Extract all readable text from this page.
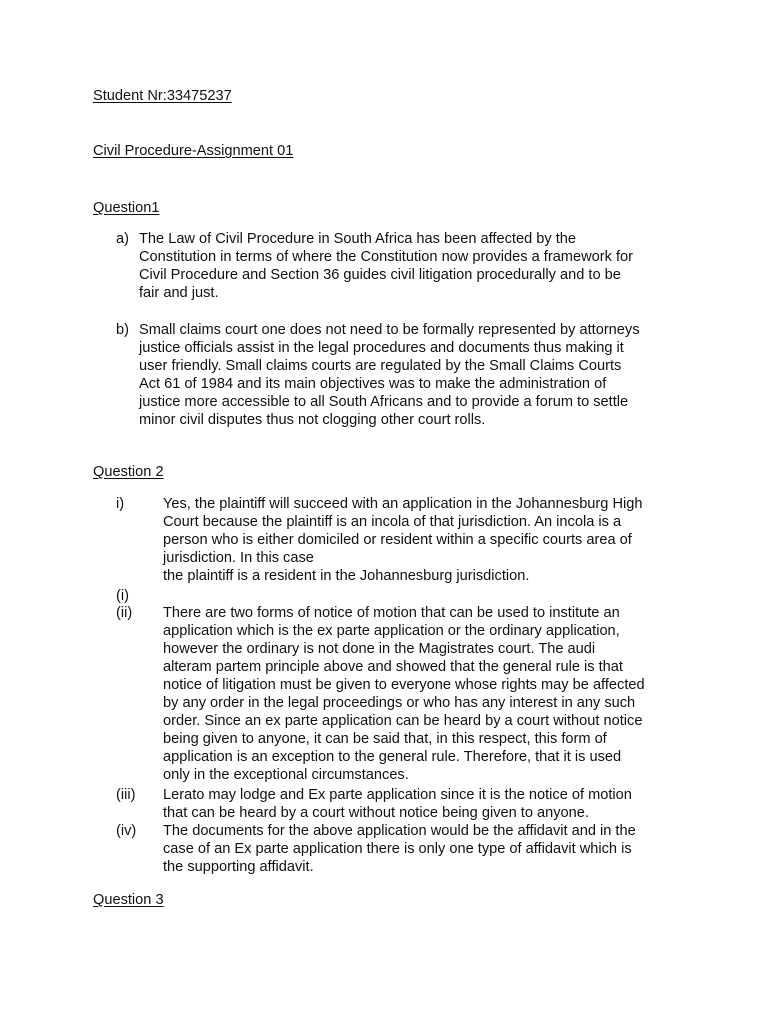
Student Nr:33475237

Civil Procedure-Assignment 01

Question1

a) The Law of Civil Procedure in South Africa has been affected by the
Constitution in terms of where the Constitution now provides a framework for
Civil Procedure and Section 36 guides civil litigation procedurally and to be
fair and just.
b) Small claims court one does not need to be formally represented by attorneys
justice officials assist in the legal procedures and documents thus making it
user friendly. Small claims courts are regulated by the Small Claims Courts
Act 61 of 1984 and its main objectives was to make the administration of
justice more accessible to all South Africans and to provide a forum to settle
minor civil disputes thus not clogging other court rolls.

Question 2

i)	Yes, the plaintiff will succeed with an application in the Johannesburg High
Court because the plaintiff is an incola of that jurisdiction. An incola is a
person who is either domiciled or resident within a specific courts area of
jurisdiction. In this case
the plaintiff is a resident in the Johannesburg jurisdiction.
(i)
(ii) There are two forms of notice of motion that can be used to institute an
application which is the ex parte application or the ordinary application,
however the ordinary is not done in the Magistrates court. The audi
alteram partem principle above and showed that the general rule is that
notice of litigation must be given to everyone whose rights may be affected
by any order in the legal proceedings or who has any interest in any such
order. Since an ex parte application can be heard by a court without notice
being given to anyone, it can be said that, in this respect, this form of
application is an exception to the general rule. Therefore, that it is used
only in the exceptional circumstances.
(iii) Lerato may lodge and Ex parte application since it is the notice of motion
that can be heard by a court without notice being given to anyone.
(iv) The documents for the above application would be the affidavit and in the
case of an Ex parte application there is only one type of affidavit which is
the supporting affidavit.

Question 3
